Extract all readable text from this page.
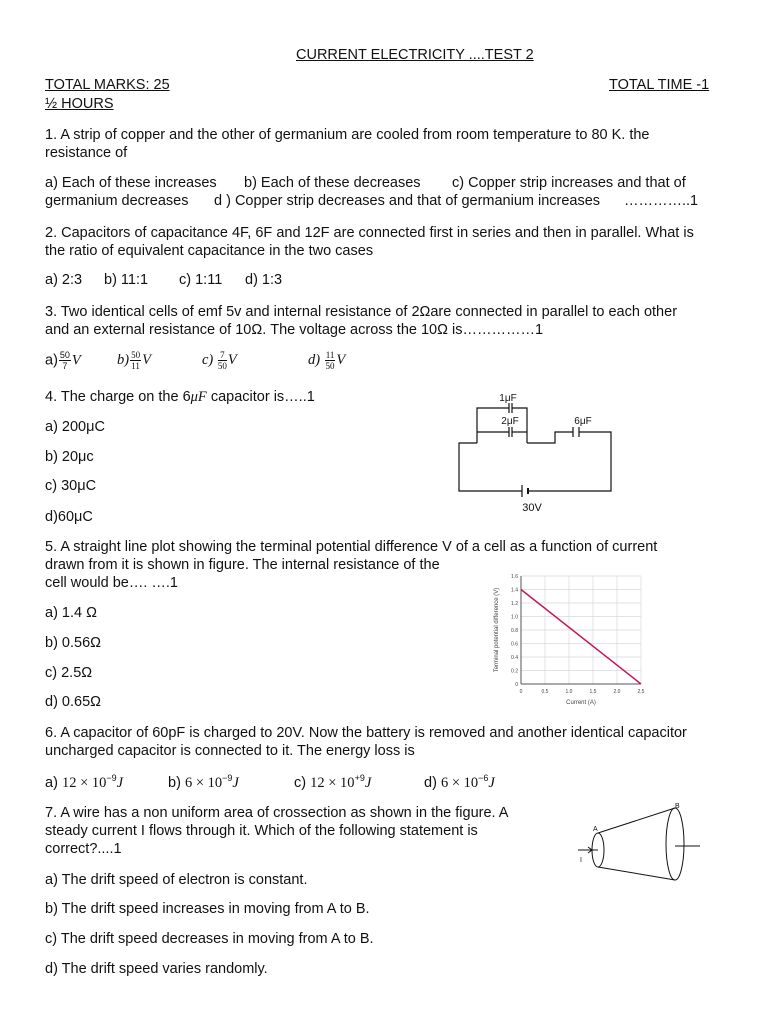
CURRENT ELECTRICITY ....TEST 2
TOTAL MARKS: 25	TOTAL TIME -1
½ HOURS
1. A strip of copper and the other of germanium are cooled from room temperature to 80 K. the
resistance of
a) Each of these increases b) Each of these decreases c) Copper strip increases and that of
germanium decreases d ) Copper strip decreases and that of germanium increases …………..1
2. Capacitors of capacitance 4F, 6F and 12F are connected first in series and then in parallel. What is
the ratio of equivalent capacitance in the two cases
a) 2:3 b) 11:1 c) 1:11 d) 1:3
3. Two identical cells of emf 5v and internal resistance of 2Ωare connected in parallel to each other
and an external resistance of 10Ω. The voltage across the 10Ω is……………1
$a) \frac{50}{7}$ V $b) \frac{50}{11}$ V	$c) \frac{7}{50}$ V	$d) \frac{11}{50}$ V
4. The charge on the 6μF capacitor is…..1
a) 200μC
b) 20μc
c) 30μC
d)60μC
1μF
2μF	6μF
30V
5. A straight line plot showing the terminal potential difference V of a cell as a function of current
drawn from it is shown in figure. The internal resistance of the
cell would be…. ….1
a) 1.4 Ω
b) 0.56Ω
c) 2.5Ω
d) 0.65Ω
0	0.5	1.0	1.5	2.0	2.5
0
0.2
0.4
0.6
0.8
1.0
1.2
1.4
1.6
Current (A)
Terminal potential difference (V)
6. A capacitor of 60pF is charged to 20V. Now the battery is removed and another identical capacitor
uncharged capacitor is connected to it. The energy loss is
a) $12 \times 10^{-9}J$	b) $6 \times 10^{-9}J$	c) $12 \times 10^{+9}J$	d) $6 \times 10^{-6}J$
7. A wire has a non uniform area of crossection as shown in the figure. A
steady current I flows through it. Which of the following statement is
correct?....1
a) The drift speed of electron is constant.
b) The drift speed increases in moving from A to B.
c) The drift speed decreases in moving from A to B.
d) The drift speed varies randomly.
A
B
I
